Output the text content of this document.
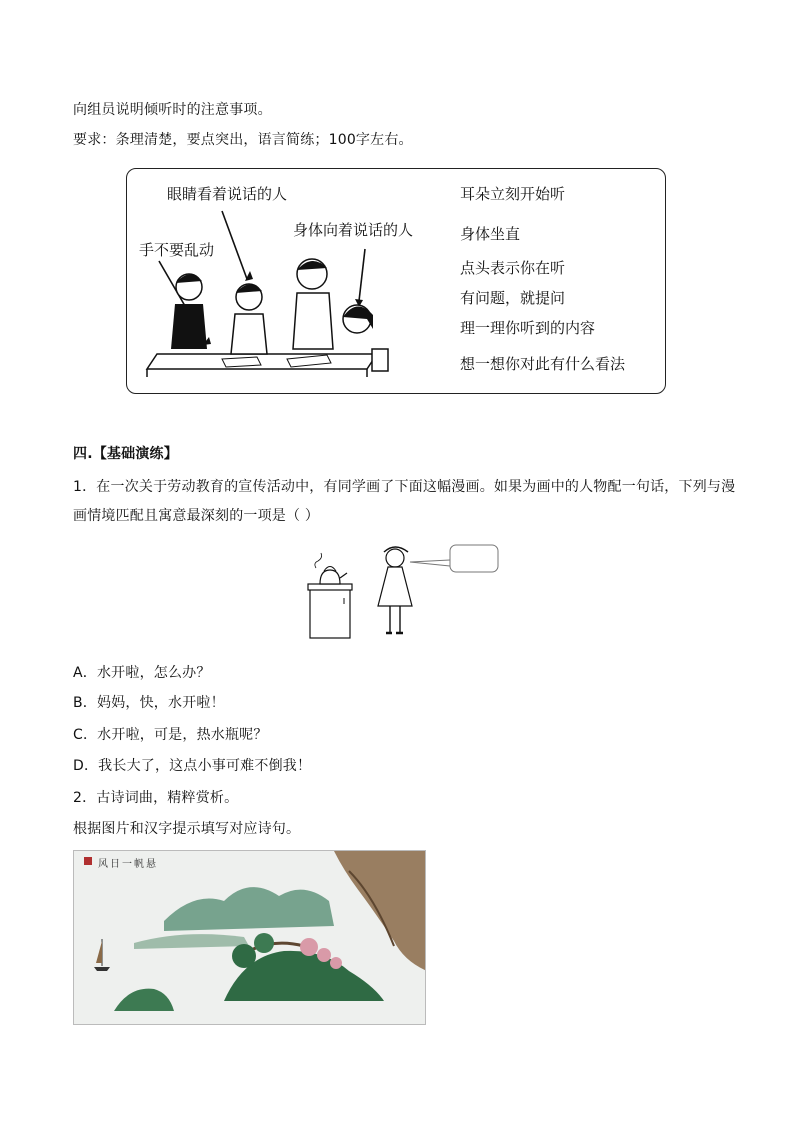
向组员说明倾听时的注意事项。
要求：条理清楚，要点突出，语言简练；100字左右。
眼睛看着说话的人
身体向着说话的人
手不要乱动
耳朵立刻开始听
身体坐直
点头表示你在听
有问题，就提问
理一理你听到的内容
想一想你对此有什么看法
四.【基础演练】
1．在一次关于劳动教育的宣传活动中，有同学画了下面这幅漫画。如果为画中的人物配一句话，下列与漫
画情境匹配且寓意最深刻的一项是（ ）
A．水开啦，怎么办？
B．妈妈，快，水开啦！
C．水开啦，可是，热水瓶呢？
D．我长大了，这点小事可难不倒我！
2．古诗词曲，精粹赏析。
根据图片和汉字提示填写对应诗句。
风日一帆悬
